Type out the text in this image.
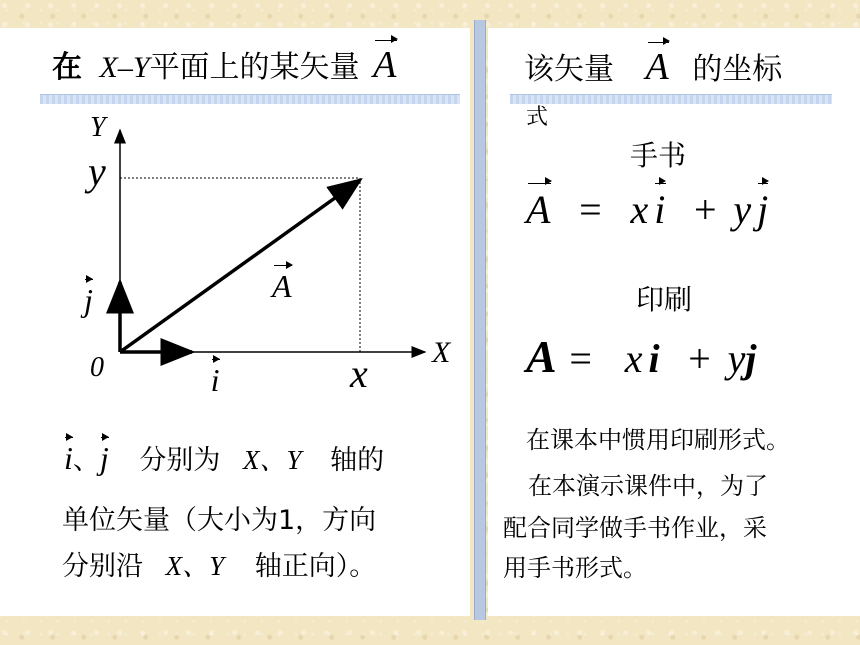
在 X–Y平面上的某矢量 A
Y
y
j	A
0	i	x X
i、j 分别为 X、Y 轴的
单位矢量（大小为1，方向
分别沿 X、Y 轴正向）。
该矢量 A 的坐标
式
手书
A = x i + y j
印刷
A = x i + yj
在课本中惯用印刷形式。
在本演示课件中，为了
配合同学做手书作业，采
用手书形式。
